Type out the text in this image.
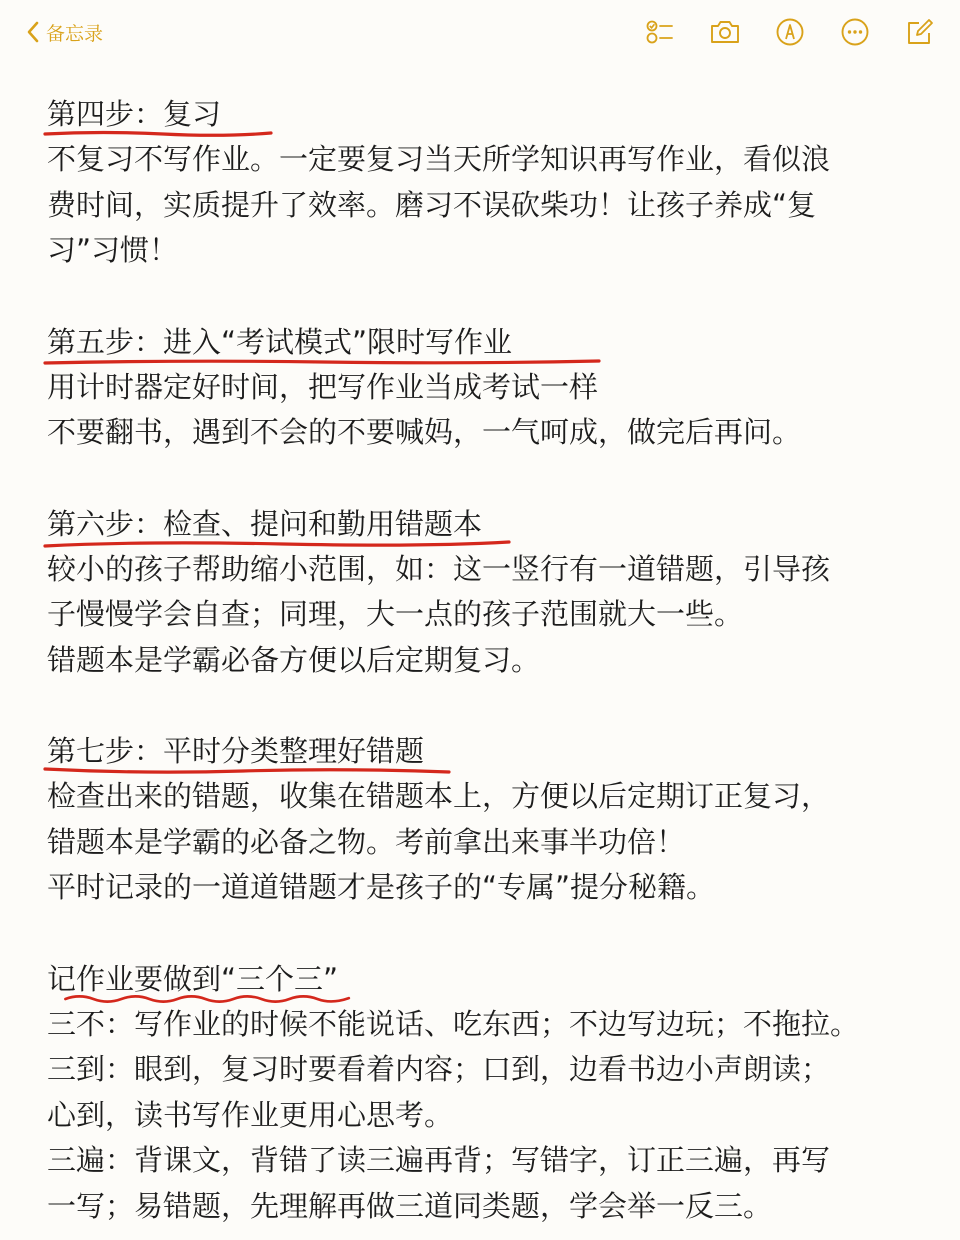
备忘录
第四步：复习
不复习不写作业。一定要复习当天所学知识再写作业，看似浪
费时间，实质提升了效率。磨习不误砍柴功！让孩子养成“复
习”习惯！
第五步：进入“考试模式”限时写作业
用计时器定好时间，把写作业当成考试一样
不要翻书，遇到不会的不要喊妈，一气呵成，做完后再问。
第六步：检查、提问和勤用错题本
较小的孩子帮助缩小范围，如：这一竖行有一道错题，引导孩
子慢慢学会自查；同理，大一点的孩子范围就大一些。
错题本是学霸必备方便以后定期复习。
第七步：平时分类整理好错题
检查出来的错题，收集在错题本上，方便以后定期订正复习，
错题本是学霸的必备之物。考前拿出来事半功倍！
平时记录的一道道错题才是孩子的“专属”提分秘籍。
记作业要做到“三个三”
三不：写作业的时候不能说话、吃东西；不边写边玩；不拖拉。
三到：眼到，复习时要看着内容；口到，边看书边小声朗读；
心到，读书写作业更用心思考。
三遍：背课文，背错了读三遍再背；写错字，订正三遍，再写
一写；易错题，先理解再做三道同类题，学会举一反三。
